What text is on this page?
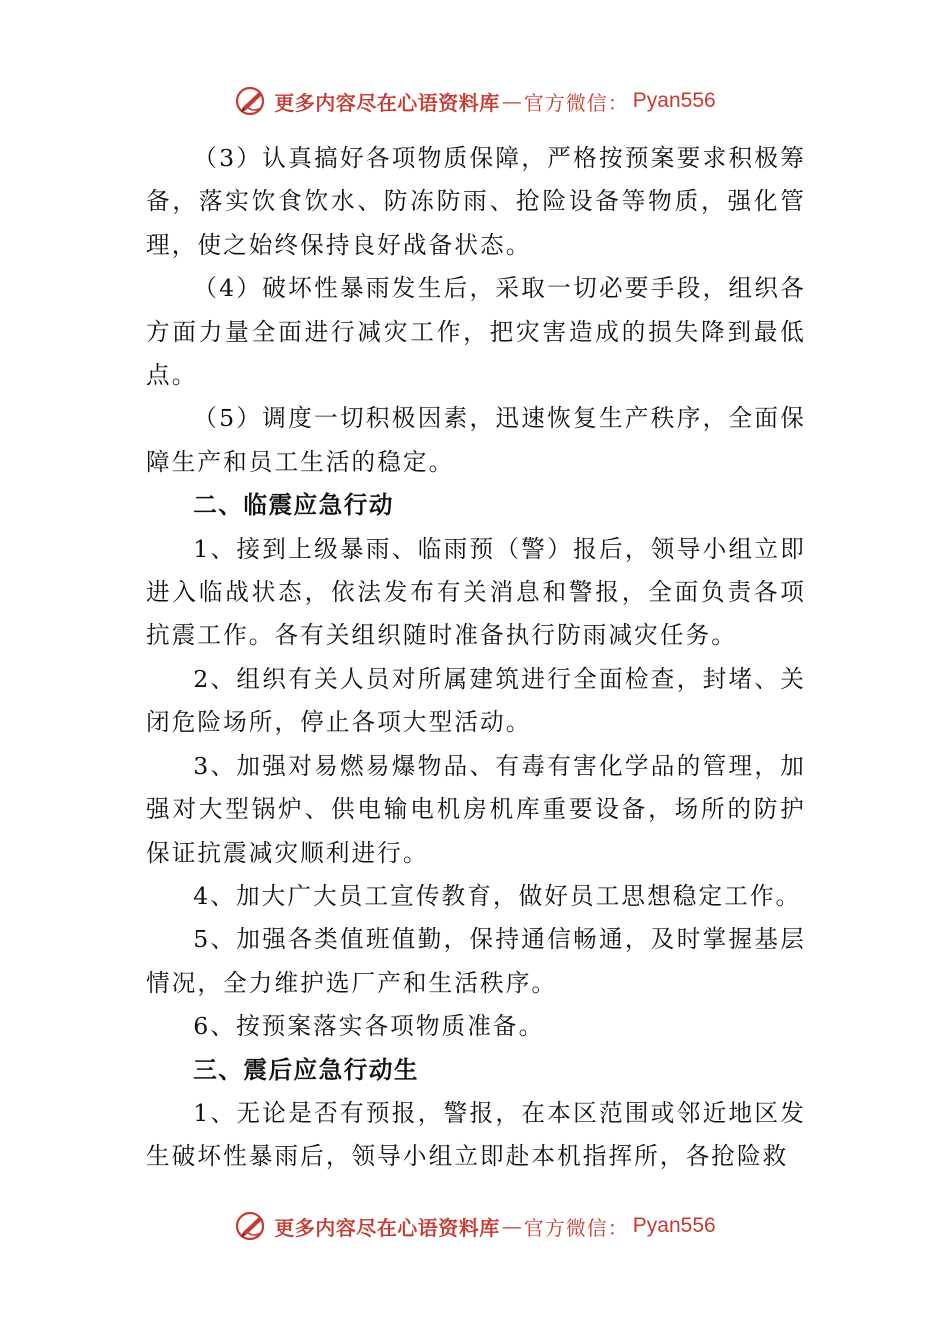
更多内容尽在心语资料库 — 官方微信： Pyan556

（3）认真搞好各项物质保障，严格按预案要求积极筹备，落实饮食饮水、防冻防雨、抢险设备等物质，强化管理，使之始终保持良好战备状态。

（4）破坏性暴雨发生后，采取一切必要手段，组织各方面力量全面进行减灾工作，把灾害造成的损失降到最低点。

（5）调度一切积极因素，迅速恢复生产秩序，全面保障生产和员工生活的稳定。

二、临震应急行动

1、接到上级暴雨、临雨预（警）报后，领导小组立即进入临战状态，依法发布有关消息和警报，全面负责各项抗震工作。各有关组织随时准备执行防雨减灾任务。

2、组织有关人员对所属建筑进行全面检查，封堵、关闭危险场所，停止各项大型活动。

3、加强对易燃易爆物品、有毒有害化学品的管理，加强对大型锅炉、供电输电机房机库重要设备，场所的防护保证抗震减灾顺利进行。

4、加大广大员工宣传教育，做好员工思想稳定工作。

5、加强各类值班值勤，保持通信畅通，及时掌握基层情况，全力维护选厂产和生活秩序。

6、按预案落实各项物质准备。

三、震后应急行动生

1、无论是否有预报，警报，在本区范围或邻近地区发生破坏性暴雨后，领导小组立即赴本机指挥所，各抢险救

更多内容尽在心语资料库 — 官方微信： Pyan556
